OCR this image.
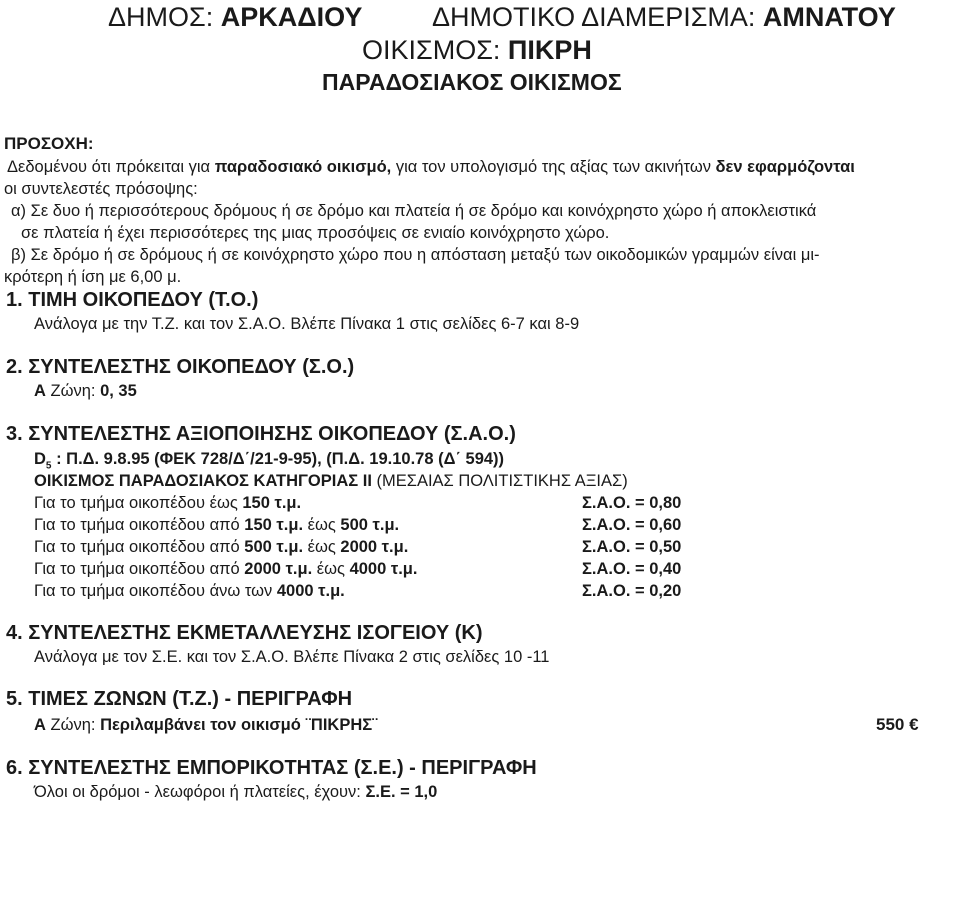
ΔΗΜΟΣ: ΑΡΚΑΔΙΟΥ	ΔΗΜΟΤΙΚΟ ΔΙΑΜΕΡΙΣΜΑ: ΑΜΝΑΤΟΥ
ΟΙΚΙΣΜΟΣ: ΠΙΚΡΗ
ΠΑΡΑΔΟΣΙΑΚΟΣ ΟΙΚΙΣΜΟΣ
ΠΡΟΣΟΧΗ:
Δεδομένου ότι πρόκειται για παραδοσιακό οικισμό, για τον υπολογισμό της αξίας των ακινήτων δεν εφαρμόζονται
οι συντελεστές πρόσοψης:
α) Σε δυο ή περισσότερους δρόμους ή σε δρόμο και πλατεία ή σε δρόμο και κοινόχρηστο χώρο ή αποκλειστικά
σε πλατεία ή έχει περισσότερες της μιας προσόψεις σε ενιαίο κοινόχρηστο χώρο.
β) Σε δρόμο ή σε δρόμους ή σε κοινόχρηστο χώρο που η απόσταση μεταξύ των οικοδομικών γραμμών είναι μι-
κρότερη ή ίση με 6,00 μ.
1. ΤΙΜΗ ΟΙΚΟΠΕΔΟΥ (Τ.Ο.)
Ανάλογα με την Τ.Ζ. και τον Σ.Α.Ο. Βλέπε Πίνακα 1 στις σελίδες 6-7 και 8-9
2. ΣΥΝΤΕΛΕΣΤΗΣ ΟΙΚΟΠΕΔΟΥ (Σ.Ο.)
Α Ζώνη: 0, 35
3. ΣΥΝΤΕΛΕΣΤΗΣ ΑΞΙΟΠΟΙΗΣΗΣ ΟΙΚΟΠΕΔΟΥ (Σ.Α.Ο.)
$D_5$ : Π.Δ. 9.8.95 (ΦΕΚ 728/Δ΄/21-9-95), (Π.Δ. 19.10.78 (Δ΄ 594))
ΟΙΚΙΣΜΟΣ ΠΑΡΑΔΟΣΙΑΚΟΣ ΚΑΤΗΓΟΡΙΑΣ ΙΙ (ΜΕΣΑΙΑΣ ΠΟΛΙΤΙΣΤΙΚΗΣ ΑΞΙΑΣ)
Για το τμήμα οικοπέδου έως 150 τ.μ.	Σ.Α.Ο. = 0,80
Για το τμήμα οικοπέδου από 150 τ.μ. έως 500 τ.μ.	Σ.Α.Ο. = 0,60
Για το τμήμα οικοπέδου από 500 τ.μ. έως 2000 τ.μ.	Σ.Α.Ο. = 0,50
Για το τμήμα οικοπέδου από 2000 τ.μ. έως 4000 τ.μ.	Σ.Α.Ο. = 0,40
Για το τμήμα οικοπέδου άνω των 4000 τ.μ.	Σ.Α.Ο. = 0,20
4. ΣΥΝΤΕΛΕΣΤΗΣ ΕΚΜΕΤΑΛΛΕΥΣΗΣ ΙΣΟΓΕΙΟΥ (Κ)
Ανάλογα με τον Σ.Ε. και τον Σ.Α.Ο. Βλέπε Πίνακα 2 στις σελίδες 10 -11
5. ΤΙΜΕΣ ΖΩΝΩΝ (Τ.Ζ.) - ΠΕΡΙΓΡΑΦΗ
Α Ζώνη: Περιλαμβάνει τον οικισμό ¨ΠΙΚΡΗΣ¨	550 €
6. ΣΥΝΤΕΛΕΣΤΗΣ ΕΜΠΟΡΙΚΟΤΗΤΑΣ (Σ.Ε.) - ΠΕΡΙΓΡΑΦΗ
Όλοι οι δρόμοι - λεωφόροι ή πλατείες, έχουν: Σ.Ε. = 1,0
